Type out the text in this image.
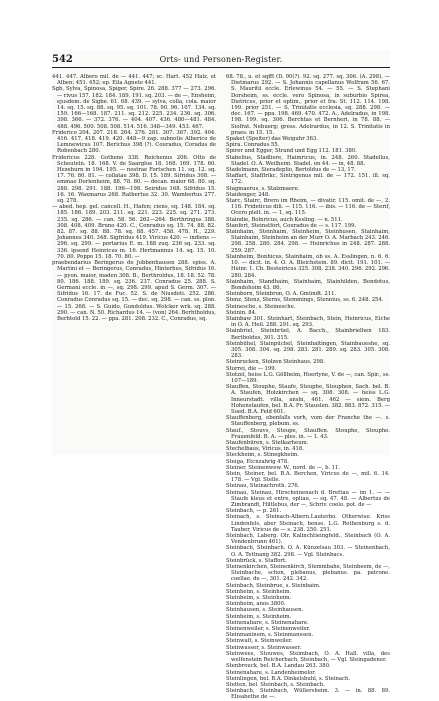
542	Orts- und Personen-Register.

441. 447. Albero mil. de — 441. 447; sc. Hart. 452 Halz. et Alben; 451. 452; ep. Eila Agnete 441.

Sgb, Sylva, Spinosa, Spiger, Spire. 26. 288. 377 — 273. 296. — rivus 157. 182. 184. 189. 191. sq. 203. — de —, Ensheim, ejusdem. de Sigbe. 61. 68. 439. — sylva, colla, cola. maior 14. sq. 15. sq. 88. sq. 95. sq. 101. 78. 90. 96. 107. 134. sq. 159. 166—168. 187. 211. sq. 212. 225. 234. 236. sq. 306. 398. 366. — 372. 376. — 404. 407. 436. 480—481. 484. 488. 496. 500. 508. 508. 514. 516. 348—349. 453. 467.

Friderico 204. 207. 218. 264. 276. 281. 307. 367. 392. 404. 416. 417. 418. 419. 420. 448—9 zap. subnotis Alberico de Lemnewicus 107. Berichus 398 (?). Couradus, Coradus de Robenbach 280.

Fridericus 228. Gotheno 338. Reichenus 206. Otto de Scheuteln. 18. 168. V. de Saarglue 18. 168. 169. 178. 60. Hezeburn in 194. 195. — nostrae Fortschen 11. sq. 12. sq. 17. 76. 80. 81. — collatae 398. D. 15. 189. Sifridus 308. — emmae Dorlenheim, 88. 78. 80. — decan. maior 68. 80. sq. 288. 298. 291. 188. 196—198. Seiridus 168. Sifridus 15. 16. 16. Waxmarus 268. Ratbertus 32. 30. Wambertus 277. sq. 278.

— abed. hep. gel. cancell. H., Hafen; ciens, sq. 148. 184. sq. 185. 186. 189. 203. 211. sq. 221. 223. 225. sq. 271. 273. 235. sq. 286. — can. 58. 56. 262—264. Berthringus 388. 308. 408. 409. Bruno 420. C., Conradus sq. 15. 74. 88. 82. 82. 87. sq. 88. 88. 78. sq. 88. 457. 458. 478. H., 229. Johannes 340. 348. Sigfridus 419. Viricus 420. — indiens — 296. sq. 299. — portarius E. m. 188 zuq. 236 sq. 233. sq. 336. ipsend Heinricus m. 16. Hertmannus 14. sq. 15. 10. 70. 80. Poppo 15. 18. 70. 80. —

praebendarius Beringerus de Jobbenhausen 288. spiss. A. Martini et — Beringerus, Conradus, Hinterhus, Sifridus 16. — pyon. maior, maden 308. B., Berthroldus, 18. 18. 52. 78. 80. 186. 188. 189. sq. 236. 237. Conradus 25. 288. S. Germani eccle. in —, sq. 298. 299. apud S. Germ. 307. — Sifridus 16. 17. de Fuc. 52. S. de Niusdeti. 252. 286. Conradus Conradus sq. 15. — dec. sq. 298. — can. ss. plon. — 15. 268. — S. Guido, Gundoldus. Wolcker wrk. sq. 288. 290. — can. N. 50. Richardus 14. — (von) 264. Berhtholdus, Berhtold 15. 22. — ppa. 281. 208. 232. C., Conradus, sq.

68. 78., u. et sqfft (D. 90(?). 92. sq. 277. sq. 306. (A. 298). — Dietmarus 292. — S. Johannis capellanus Wolfram 56. 67. S. Mauritii eccle. Erlewinus 54. — 55. — S. Stephani Dorsheim, ss. eccle. vero Spinosa, in suburbio Spirea, Dietricus, prior et optim., prior et fra. St. 112. 114. 198. 199. prior 251. — S. Trinitatis ecclesia, sq. 288. 298. — dec. 167. — ppa. 198. 469. 470. 472. A., Adelradus, in 198. 198. 199. sq. 306. Berchtas et Bernheri, in 78. 88. — Siofrat. Nebuerg; gress. Adelrardus, in 12. S. Trinitatis in praes. in 15. 15.

Spaket (Speiter) das Weiguhr 363.

Spira. Conradus 55.

Spirer und Egger, Strand und Egg 112. 181. 380.

Stabelius, Stadliere, Haimricus, in. 248. 260. Stadellus, Stadel. O. A. Weilheim. Stadel. on 44. — in, 48. 88.

Stadelmann, Sieradeplio, Bertoldus de — 13, 17.

Staffart, Stafflrikc, Sintrigenus mil. de — 172. 151. ill. sq. 172.

Stagmaerus, s. Stalzmaere.

Staidenger, 248.

Starc, Stairc, Brero im Rheim, — divatir. 115. omit. de —, 2. 116. Frideticus dili. — 115. 116. — ibis. — 116. de — Sterif, Ocero plelt. in. — 1, sq. 115.

Staindie, Bolnricus, auch Kesling. — n. 511.

Stanfert, Steinstfort, Couradus de — s. 117. 199.

Stainhaim, Steinhaim, Steinheim, Steinhusen, Stainhaim, Stainhaim, Steinheim an der Murr O. A. Marbach 243. 246. 298. 258. 280. 284. 298. — Heinrichus in 248. 287. 288. 259. 287.

Stainheim, Bonhicus, Stainhaim, ob ss. A. Esslingen, n. 6. 6. 10. — dicit. in. 4. O. A. Bleichstein. 89. dicit. 191. 101. — Heinr. 1. Ch. Besteiricus 325. 308. 238. 340. 296. 292. 296. 280. 284.

Stainhaim, Standhaim, Stainhaim, Stainhilden, Bondotus, Bondohoim 43. 86.

Steinborn, Steinbron, O. A. Gmündt. 211.

Stenz, Stenz, Sterns, Stemmings, Stennius, ss. 6. 248. 254.

Steinesche, s. Steinesche.

Steinin. 84.

Stainbaw 301. Steinhart, Steinbach, Stein, Heinricus, Eiche in O. A. Heil. 288. 291. sq. 293.

Stainbriel, Steinbrüel, A. Bacch., Stainbrielhen 183. Bertholdus, 301. 315.

Steinbühel, Stainpüchel, Steinhaltingen, Stainbaueshe, sq. 305. 308. 304. sq. 298. 283. 281. 289. sq. 283. 305. 308. 283.

Steinrucken, Stolzen Steinhaus. 298.

Storrei, die — 199.

Stotzel, heiss L.G. Göllheim, Hoerlyne, V. de —, can. Spir., ss. 107—189.

Stauffen, Stouphe, Staufe, Stouphe, Stouphen, Sach. bel. B. A. Staufen, Holzkirchen — sq. 308. 308. — heiss L.G. Inneurstadt. villa, anshi, 461. 462 — siem. Berg Hohenstaufen, bel. B.A. Fr. Stauslen. 382. 883. 872. 315. — Sued. B.A. Feld 601.

Stauffenberg, ebenfalls vorh, vom der Franche the —. s. Stauffenberg, plebum. ss.

Stauf., Stouvs, Stoupe, Stauffen. Stouphe, Stouphe. Frauenfeld. B. A. — ples. in. — 1. 43.

Staufenbüren, s. Stetkarheum.

Stechelbaus, Viricus, in. 418.

Steckheim, s. Stinegkheim.

Steiga, Etcnzahrig 478.

Steiner, Steinenwew. W., nord. de —, b. 11.

Stein, Steiner, bel. B.A. Berchen, Viricus de —, mil. 6. 14. 178. — Vgl. Stelle.

Steinau, Steinachroth. 276.

Steinau, Steinau, Hirscheinenach d. Brettau — im 1. — — Staufe kleus et entre, opliau, — sq. 47. 48. — Albertus de Zimbrandt, Hiltlebus, der —, Schriv. coelo. pot. de —

Steinbach, — p. 261.

Steinach, s. Steinach-Albern.Lauterbo. Otherwise. Kriss Lindenfels, aber Steinach, bense. L.G. Rothenburg s. d. Tauber, Viricus de — s. 238. 250. 251.

Steinbach, Laberg. Olr. Kalinchtieingfeld., Steinbach (O. A. Vendenbrunn 461).

Steinbach, Steinbach. O. A. Künzelsau 303. — Steinenbach, O. A. Tettnang 382. 298. — Vgl. Steinbacs.

Steinbrück, s. Staffort.

Steinenkirchen, Steinenkirch, Stemmbahe, Steinbeem, de —, Steinbache, schon, plebanus, plebanus. pa. patrone. coellae. de —, 301. 242. 342.

Steinbach, Steinbrue, s. Steinbaim.

Steinheim, s. Steinheim.

Steinbeim, s. Steinheim.

Steinheim, anos 3800.

Steinhausen, s. Steinhausen.

Steinheim, s. Steinheim.

Steinenahare, s. Steinenahare.

Steinenweiler, s. Steinenweiler.

Steinmaninem, s. Steinmanssen.

Steinwalt, s. Steinweiler.

Steinwasser, s. Steinwasser.

Steinwees, Stouwes, Steimbach, O. A. Hall. villa, des welfenstein Reicherbach, Steinbach, — Vgl. Steingadener.

Stenbrouck, bel. B.A. Landau 263. 380.

Steinenahare, s. Landenheimelor.

Steinlingen, bel. B.A. Dinkelsbuhl, s. Steinach.

Stetten, bel. Steinbach, s. Steinbach.

Steinbach, Steinbach, Wüllersheim. 3. — in. 88. 89. Elisabethe de —.
